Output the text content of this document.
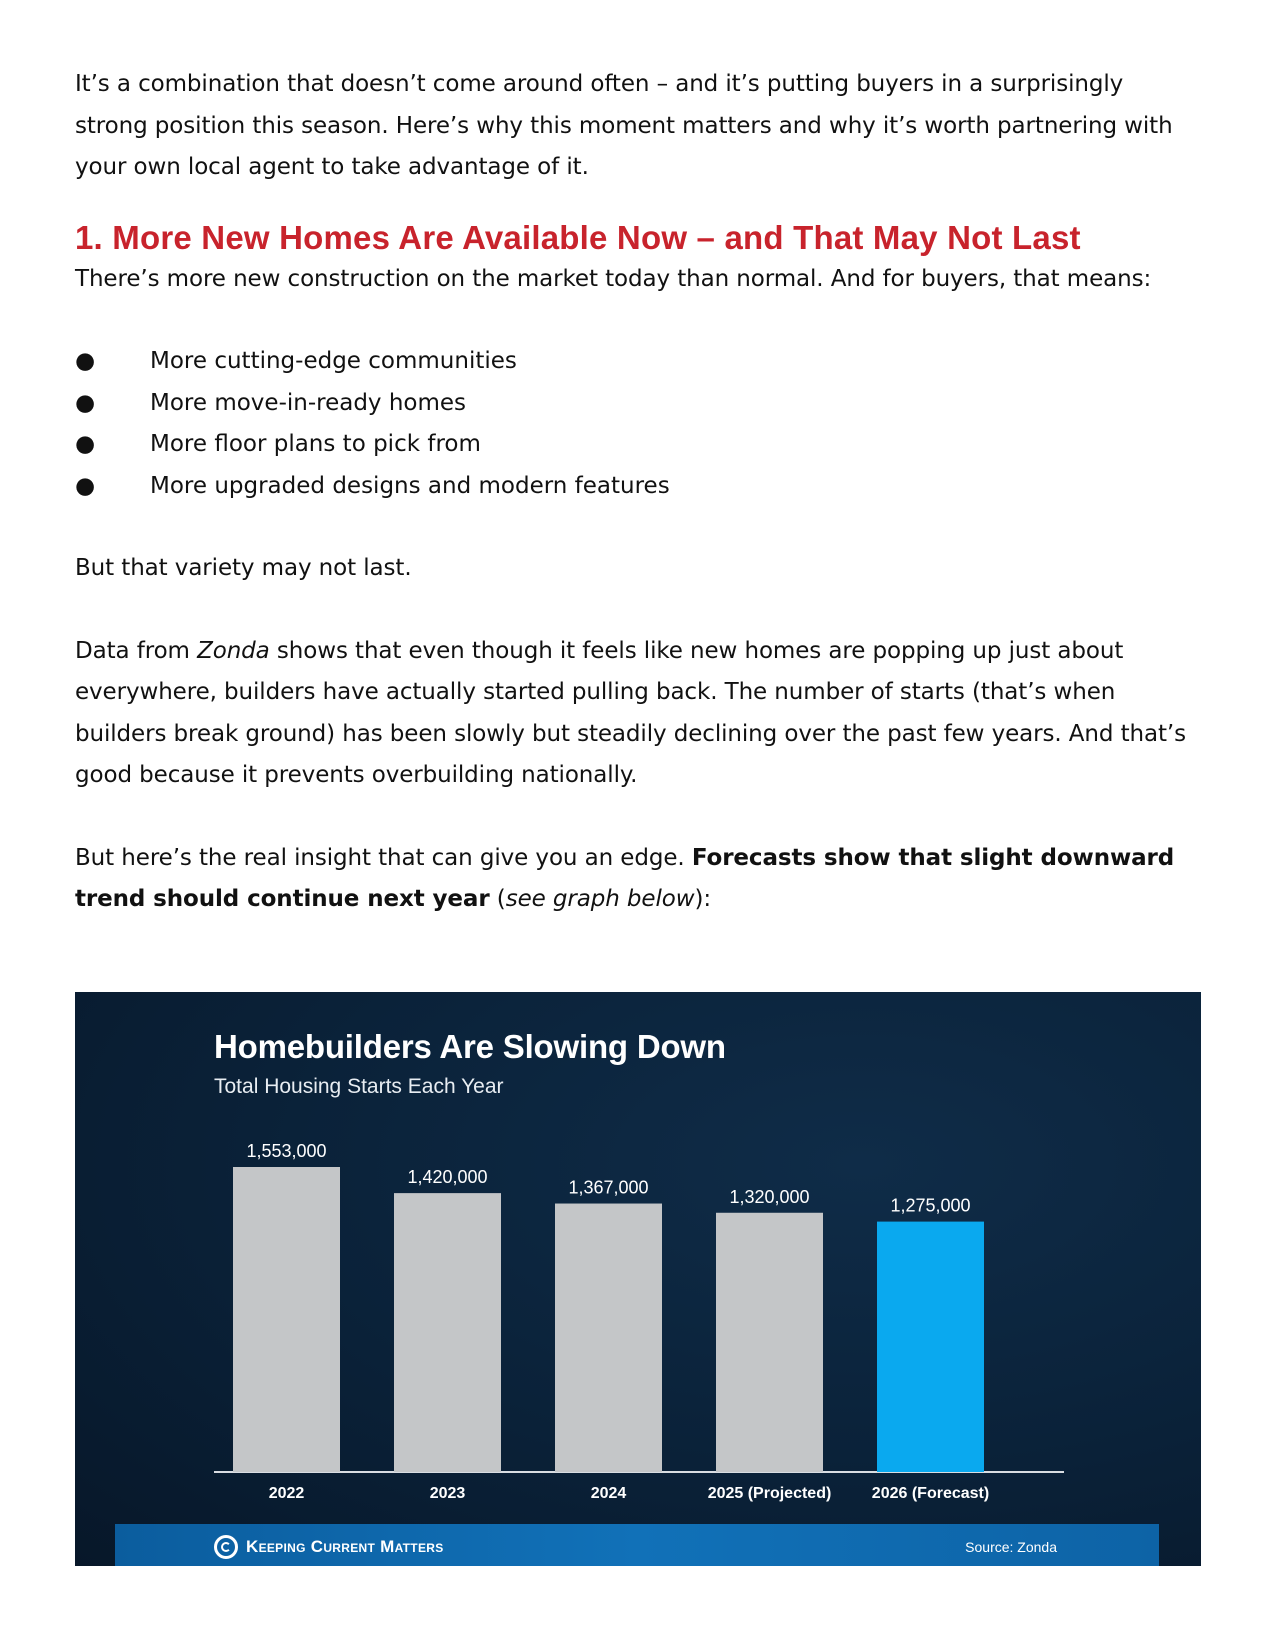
It’s a combination that doesn’t come around often – and it’s putting buyers in a surprisingly strong position this season. Here’s why this moment matters and why it’s worth partnering with your own local agent to take advantage of it.

1. More New Homes Are Available Now – and That May Not Last

There’s more new construction on the market today than normal. And for buyers, that means:

● More cutting-edge communities
● More move-in-ready homes
● More floor plans to pick from
● More upgraded designs and modern features

But that variety may not last.

Data from Zonda shows that even though it feels like new homes are popping up just about everywhere, builders have actually started pulling back. The number of starts (that’s when builders break ground) has been slowly but steadily declining over the past few years. And that’s good because it prevents overbuilding nationally.

But here’s the real insight that can give you an edge. Forecasts show that slight downward trend should continue next year (see graph below):

Homebuilders Are Slowing Down
Total Housing Starts Each Year
1,553,000
2022
1,420,000
2023
1,367,000
2024
1,320,000
2025 (Projected)
1,275,000
2026 (Forecast)
Keeping Current Matters	Source: Zonda
